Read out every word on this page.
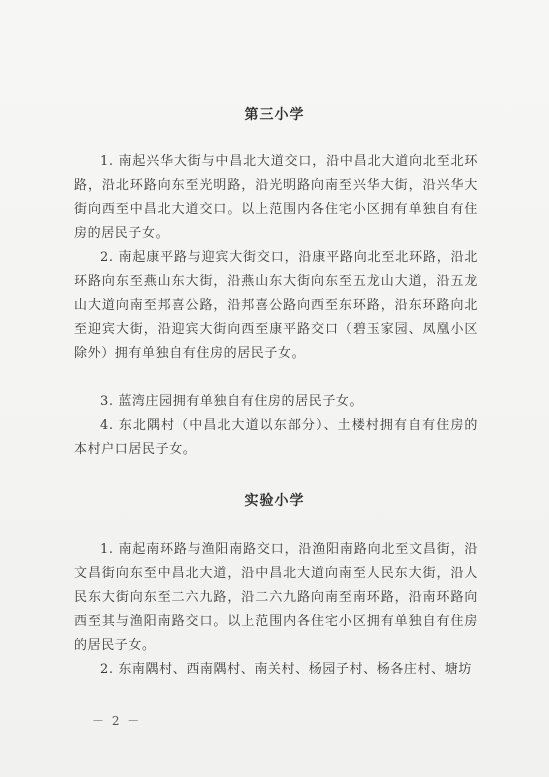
第三小学
1. 南起兴华大街与中昌北大道交口，沿中昌北大道向北至北环路，沿北环路向东至光明路，沿光明路向南至兴华大街，沿兴华大街向西至中昌北大道交口。以上范围内各住宅小区拥有单独自有住房的居民子女。
2. 南起康平路与迎宾大街交口，沿康平路向北至北环路，沿北环路向东至燕山东大街，沿燕山东大街向东至五龙山大道，沿五龙山大道向南至邦喜公路，沿邦喜公路向西至东环路，沿东环路向北至迎宾大街，沿迎宾大街向西至康平路交口（碧玉家园、凤凰小区除外）拥有单独自有住房的居民子女。
3. 蓝湾庄园拥有单独自有住房的居民子女。
4. 东北隅村（中昌北大道以东部分）、土楼村拥有自有住房的本村户口居民子女。
实验小学
1. 南起南环路与渔阳南路交口，沿渔阳南路向北至文昌街，沿文昌街向东至中昌北大道，沿中昌北大道向南至人民东大街，沿人民东大街向东至二六九路，沿二六九路向南至南环路，沿南环路向西至其与渔阳南路交口。以上范围内各住宅小区拥有单独自有住房的居民子女。
2. 东南隅村、西南隅村、南关村、杨园子村、杨各庄村、塘坊
－ 2 －
